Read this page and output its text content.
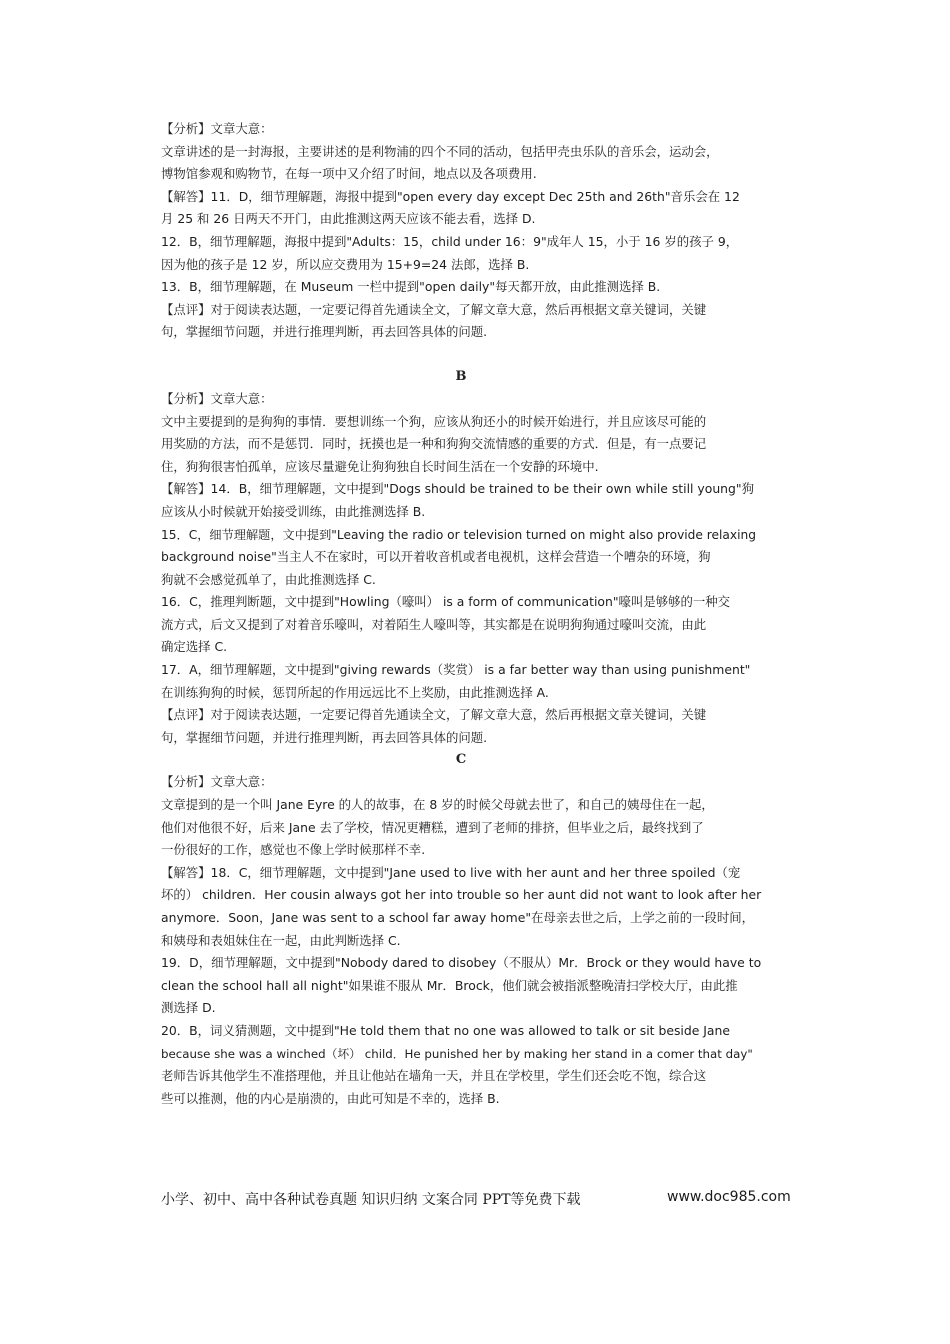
【分析】文章大意：
文章讲述的是一封海报，主要讲述的是利物浦的四个不同的活动，包括甲壳虫乐队的音乐会，运动会，
博物馆参观和购物节，在每一项中又介绍了时间，地点以及各项费用.
【解答】11．D，细节理解题，海报中提到"open every day except Dec 25th and 26th"音乐会在 12
月 25 和 26 日两天不开门，由此推测这两天应该不能去看，选择 D.
12．B，细节理解题，海报中提到"Adults：15，child under 16：9"成年人 15，小于 16 岁的孩子 9，
因为他的孩子是 12 岁，所以应交费用为 15+9=24 法郎，选择 B.
13．B，细节理解题，在 Museum 一栏中提到"open daily"每天都开放，由此推测选择 B.
【点评】对于阅读表达题，一定要记得首先通读全文，了解文章大意，然后再根据文章关键词，关键
句，掌握细节问题，并进行推理判断，再去回答具体的问题.
B
【分析】文章大意：
文中主要提到的是狗狗的事情．要想训练一个狗，应该从狗还小的时候开始进行，并且应该尽可能的
用奖励的方法，而不是惩罚．同时，抚摸也是一种和狗狗交流情感的重要的方式．但是，有一点要记
住，狗狗很害怕孤单，应该尽量避免让狗狗独自长时间生活在一个安静的环境中.
【解答】14．B，细节理解题，文中提到"Dogs should be trained to be their own while still young"狗
应该从小时候就开始接受训练，由此推测选择 B.
15．C，细节理解题，文中提到"Leaving the radio or television turned on might also provide relaxing
background noise"当主人不在家时，可以开着收音机或者电视机，这样会营造一个嘈杂的环境，狗
狗就不会感觉孤单了，由此推测选择 C.
16．C，推理判断题，文中提到"Howling（嚎叫） is a form of communication"嚎叫是够够的一种交
流方式，后文又提到了对着音乐嚎叫，对着陌生人嚎叫等，其实都是在说明狗狗通过嚎叫交流，由此
确定选择 C.
17．A，细节理解题，文中提到"giving rewards（奖赏） is a far better way than using punishment"
在训练狗狗的时候，惩罚所起的作用远远比不上奖励，由此推测选择 A.
【点评】对于阅读表达题，一定要记得首先通读全文，了解文章大意，然后再根据文章关键词，关键
句，掌握细节问题，并进行推理判断，再去回答具体的问题.
C
【分析】文章大意：
文章提到的是一个叫 Jane Eyre 的人的故事，在 8 岁的时候父母就去世了，和自己的姨母住在一起，
他们对他很不好，后来 Jane 去了学校，情况更糟糕，遭到了老师的排挤，但毕业之后，最终找到了
一份很好的工作，感觉也不像上学时候那样不幸.
【解答】18．C，细节理解题，文中提到"Jane used to live with her aunt and her three spoiled（宠
坏的） children．Her cousin always got her into trouble so her aunt did not want to look after her
anymore．Soon，Jane was sent to a school far away home"在母亲去世之后，上学之前的一段时间，
和姨母和表姐妹住在一起，由此判断选择 C.
19．D，细节理解题，文中提到"Nobody dared to disobey（不服从）Mr．Brock or they would have to
clean the school hall all night"如果谁不服从 Mr．Brock，他们就会被指派整晚清扫学校大厅，由此推
测选择 D.
20．B，词义猜测题，文中提到"He told them that no one was allowed to talk or sit beside Jane
because she was a winched（坏） child．He punished her by making her stand in a comer that day"
老师告诉其他学生不准搭理他，并且让他站在墙角一天，并且在学校里，学生们还会吃不饱，综合这
些可以推测，他的内心是崩溃的，由此可知是不幸的，选择 B.
小学、初中、高中各种试卷真题 知识归纳 文案合同 PPT等免费下载	www.doc985.com
